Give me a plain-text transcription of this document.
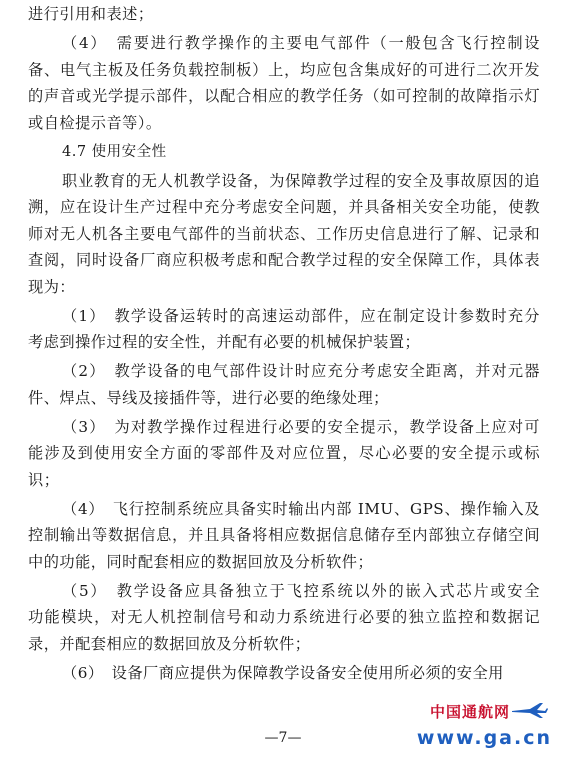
进行引用和表述；
（4）　需要进行教学操作的主要电气部件（一般包含飞行控制设
备、电气主板及任务负载控制板）上，均应包含集成好的可进行二次开发
的声音或光学提示部件，以配合相应的教学任务（如可控制的故障指示灯
或自检提示音等）。
4.7 使用安全性
职业教育的无人机教学设备，为保障教学过程的安全及事故原因的追
溯，应在设计生产过程中充分考虑安全问题，并具备相关安全功能，使教
师对无人机各主要电气部件的当前状态、工作历史信息进行了解、记录和
查阅，同时设备厂商应积极考虑和配合教学过程的安全保障工作，具体表
现为：
（1）　教学设备运转时的高速运动部件，应在制定设计参数时充分
考虑到操作过程的安全性，并配有必要的机械保护装置；
（2）　教学设备的电气部件设计时应充分考虑安全距离，并对元器
件、焊点、导线及接插件等，进行必要的绝缘处理；
（3）　为对教学操作过程进行必要的安全提示，教学设备上应对可
能涉及到使用安全方面的零部件及对应位置，尽心必要的安全提示或标
识；
（4）　飞行控制系统应具备实时输出内部 IMU、GPS、操作输入及
控制输出等数据信息，并且具备将相应数据信息储存至内部独立存储空间
中的功能，同时配套相应的数据回放及分析软件；
（5）　教学设备应具备独立于飞控系统以外的嵌入式芯片或安全
功能模块，对无人机控制信号和动力系统进行必要的独立监控和数据记
录，并配套相应的数据回放及分析软件；
（6）　设备厂商应提供为保障教学设备安全使用所必须的安全用
—7—
中国通航网
www.ga.cn
